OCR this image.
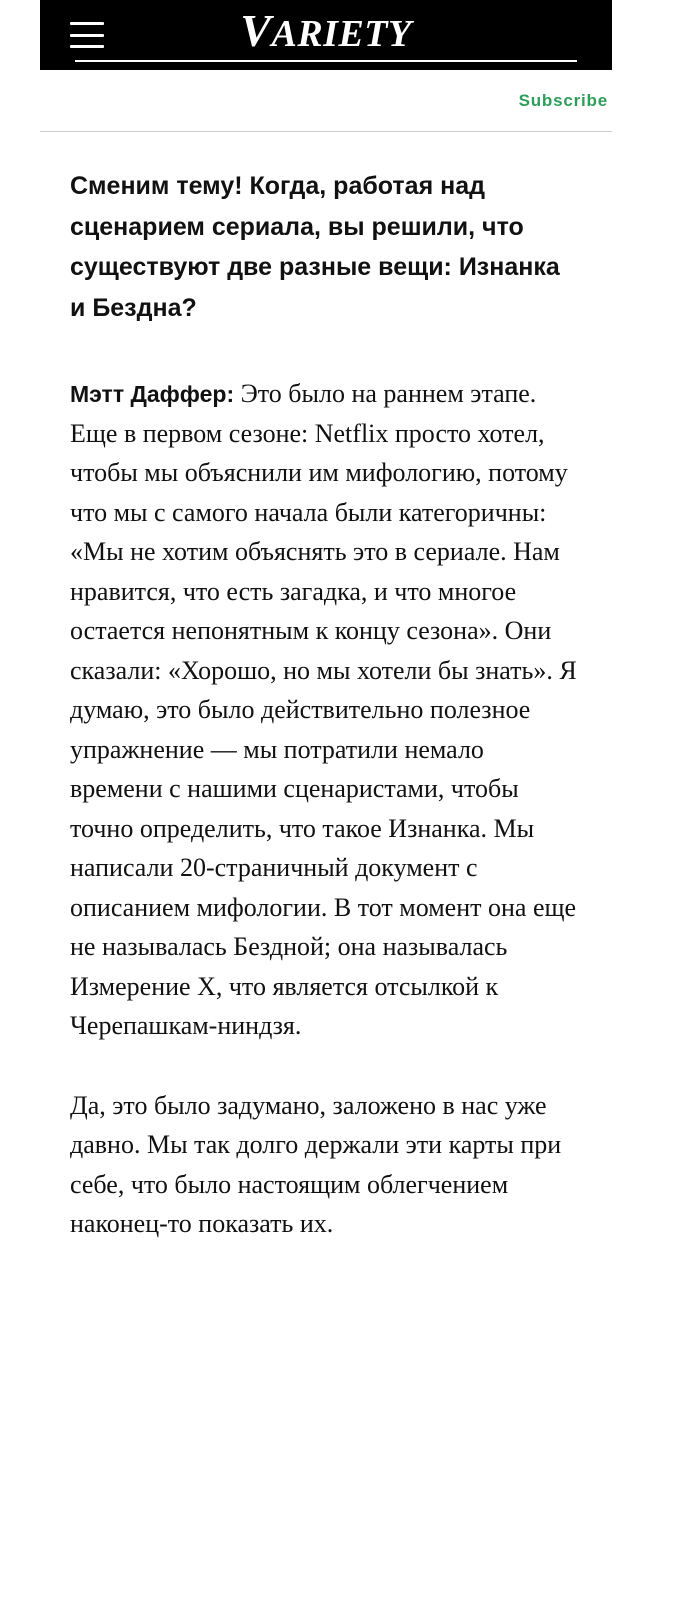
VARIETY
Subscribe

Сменим тему! Когда, работая над сценарием сериала, вы решили, что существуют две разные вещи: Изнанка и Бездна?

Мэтт Даффер: Это было на раннем этапе. Еще в первом сезоне: Netflix просто хотел, чтобы мы объяснили им мифологию, потому что мы с самого начала были категоричны: «Мы не хотим объяснять это в сериале. Нам нравится, что есть загадка, и что многое остается непонятным к концу сезона». Они сказали: «Хорошо, но мы хотели бы знать». Я думаю, это было действительно полезное упражнение — мы потратили немало времени с нашими сценаристами, чтобы точно определить, что такое Изнанка. Мы написали 20-страничный документ с описанием мифологии. В тот момент она еще не называлась Бездной; она называлась Измерение X, что является отсылкой к Черепашкам-ниндзя.

Да, это было задумано, заложено в нас уже давно. Мы так долго держали эти карты при себе, что было настоящим облегчением наконец-то показать их.
